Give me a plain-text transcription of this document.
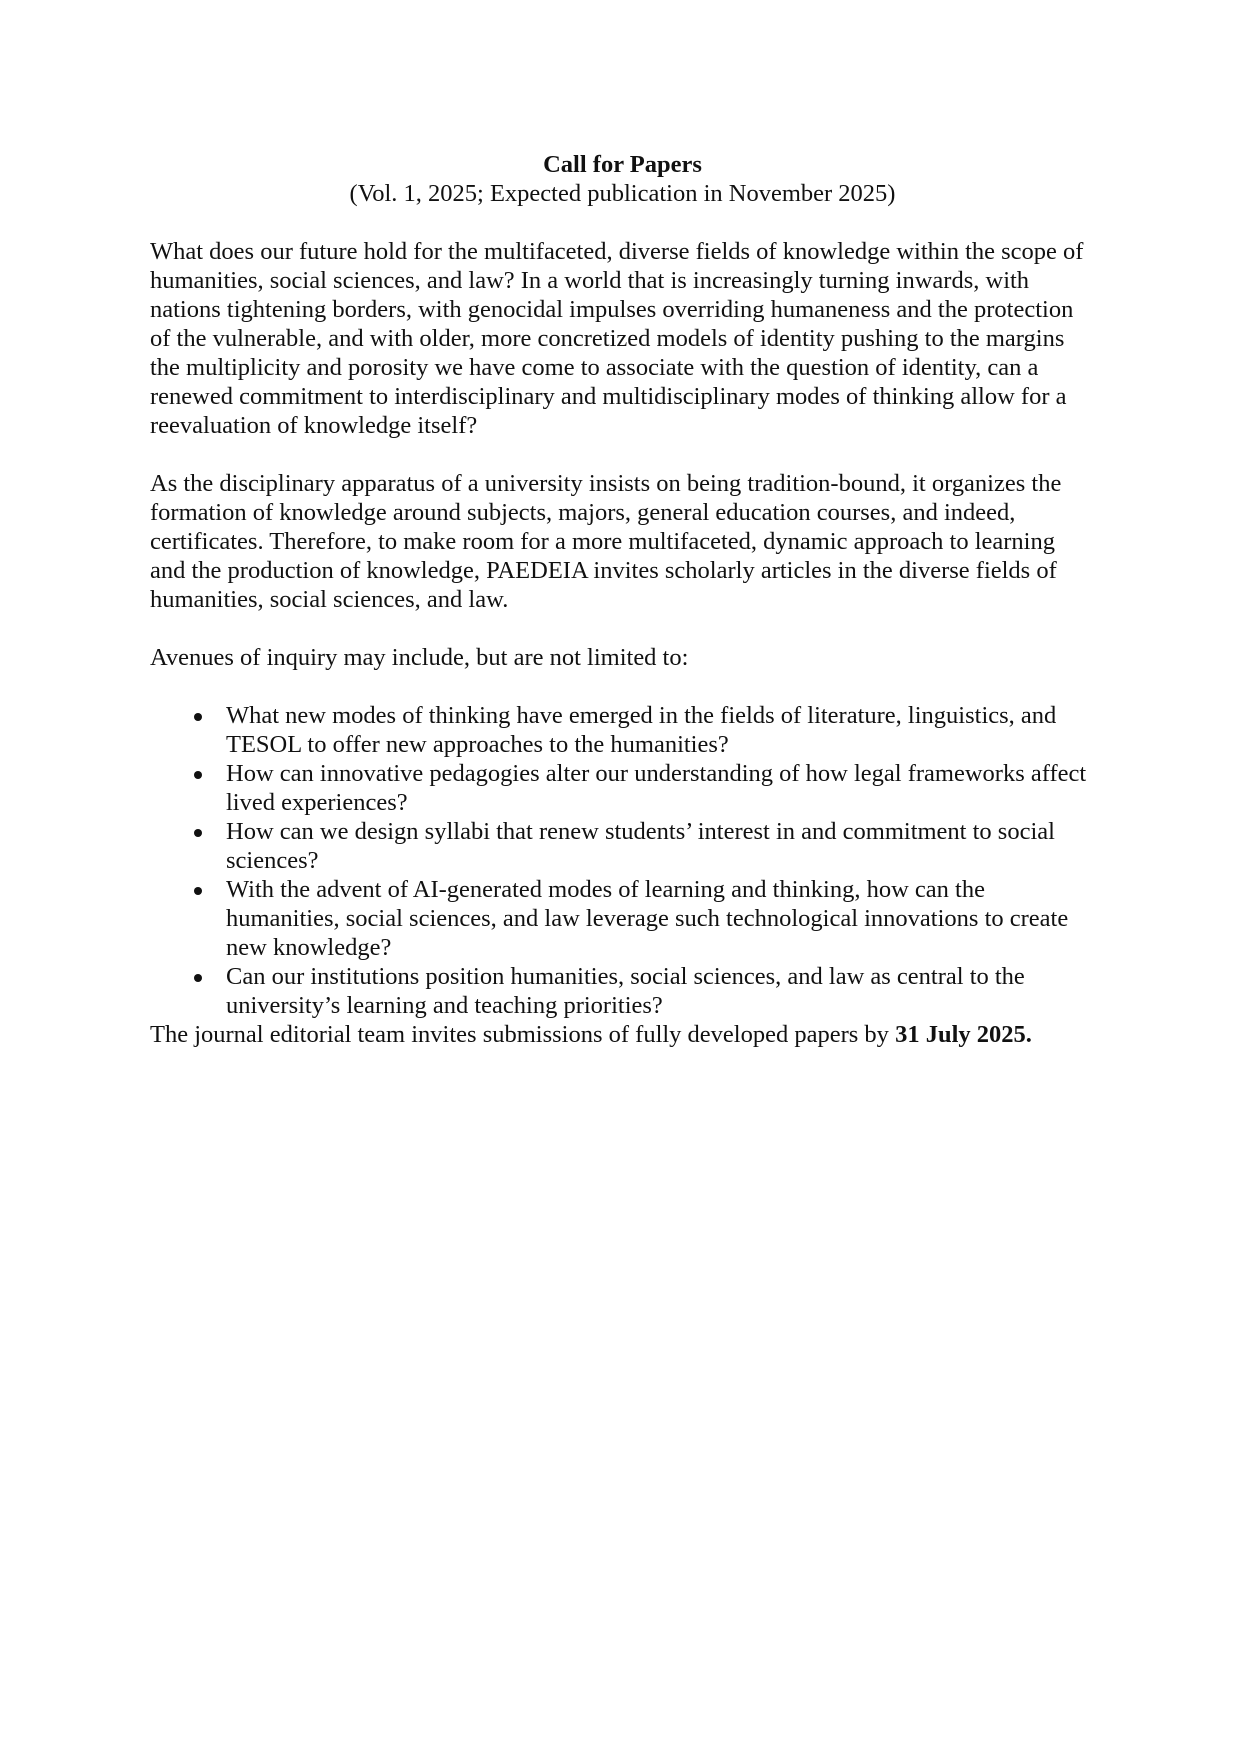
Call for Papers

(Vol. 1, 2025; Expected publication in November 2025)

What does our future hold for the multifaceted, diverse fields of knowledge within the scope of humanities, social sciences, and law? In a world that is increasingly turning inwards, with nations tightening borders, with genocidal impulses overriding humaneness and the protection of the vulnerable, and with older, more concretized models of identity pushing to the margins the multiplicity and porosity we have come to associate with the question of identity, can a renewed commitment to interdisciplinary and multidisciplinary modes of thinking allow for a reevaluation of knowledge itself?

As the disciplinary apparatus of a university insists on being tradition-bound, it organizes the formation of knowledge around subjects, majors, general education courses, and indeed, certificates. Therefore, to make room for a more multifaceted, dynamic approach to learning and the production of knowledge, PAEDEIA invites scholarly articles in the diverse fields of humanities, social sciences, and law.

Avenues of inquiry may include, but are not limited to:

What new modes of thinking have emerged in the fields of literature, linguistics, and TESOL to offer new approaches to the humanities?
How can innovative pedagogies alter our understanding of how legal frameworks affect lived experiences?
How can we design syllabi that renew students’ interest in and commitment to social sciences?
With the advent of AI-generated modes of learning and thinking, how can the humanities, social sciences, and law leverage such technological innovations to create new knowledge?
Can our institutions position humanities, social sciences, and law as central to the university’s learning and teaching priorities?

The journal editorial team invites submissions of fully developed papers by 31 July 2025.
